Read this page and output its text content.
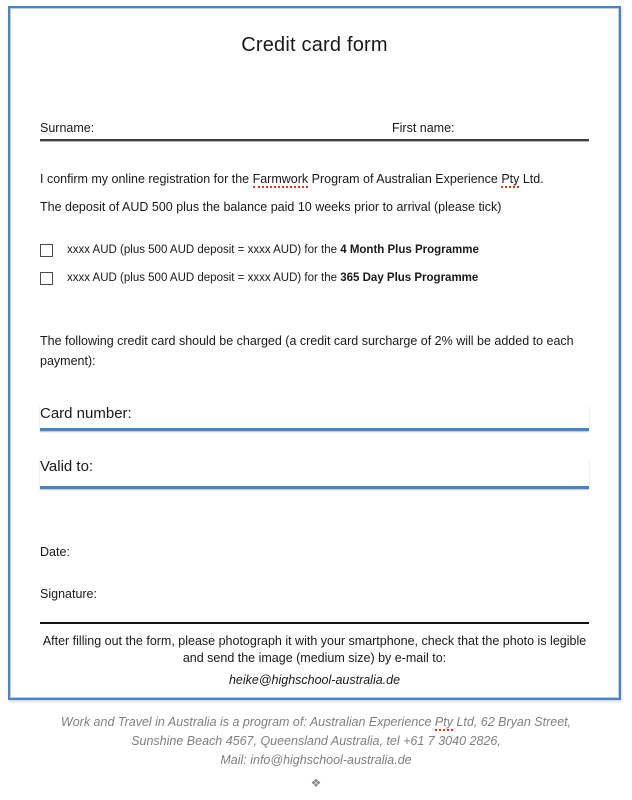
Credit card form
Surname:	First name:
I confirm my online registration for the Farmwork Program of Australian Experience Pty Ltd.
The deposit of AUD 500 plus the balance paid 10 weeks prior to arrival (please tick)
xxxx AUD (plus 500 AUD deposit = xxxx AUD) for the 4 Month Plus Programme
xxxx AUD (plus 500 AUD deposit = xxxx AUD) for the 365 Day Plus Programme
The following credit card should be charged (a credit card surcharge of 2% will be added to each payment):
Card number:
Valid to:
Date:
Signature:
After filling out the form, please photograph it with your smartphone, check that the photo is legible and send the image (medium size) by e-mail to:
heike@highschool-australia.de
Work and Travel in Australia is a program of: Australian Experience Pty Ltd, 62 Bryan Street,
Sunshine Beach 4567, Queensland Australia, tel +61 7 3040 2826,
Mail: info@highschool-australia.de
❖
